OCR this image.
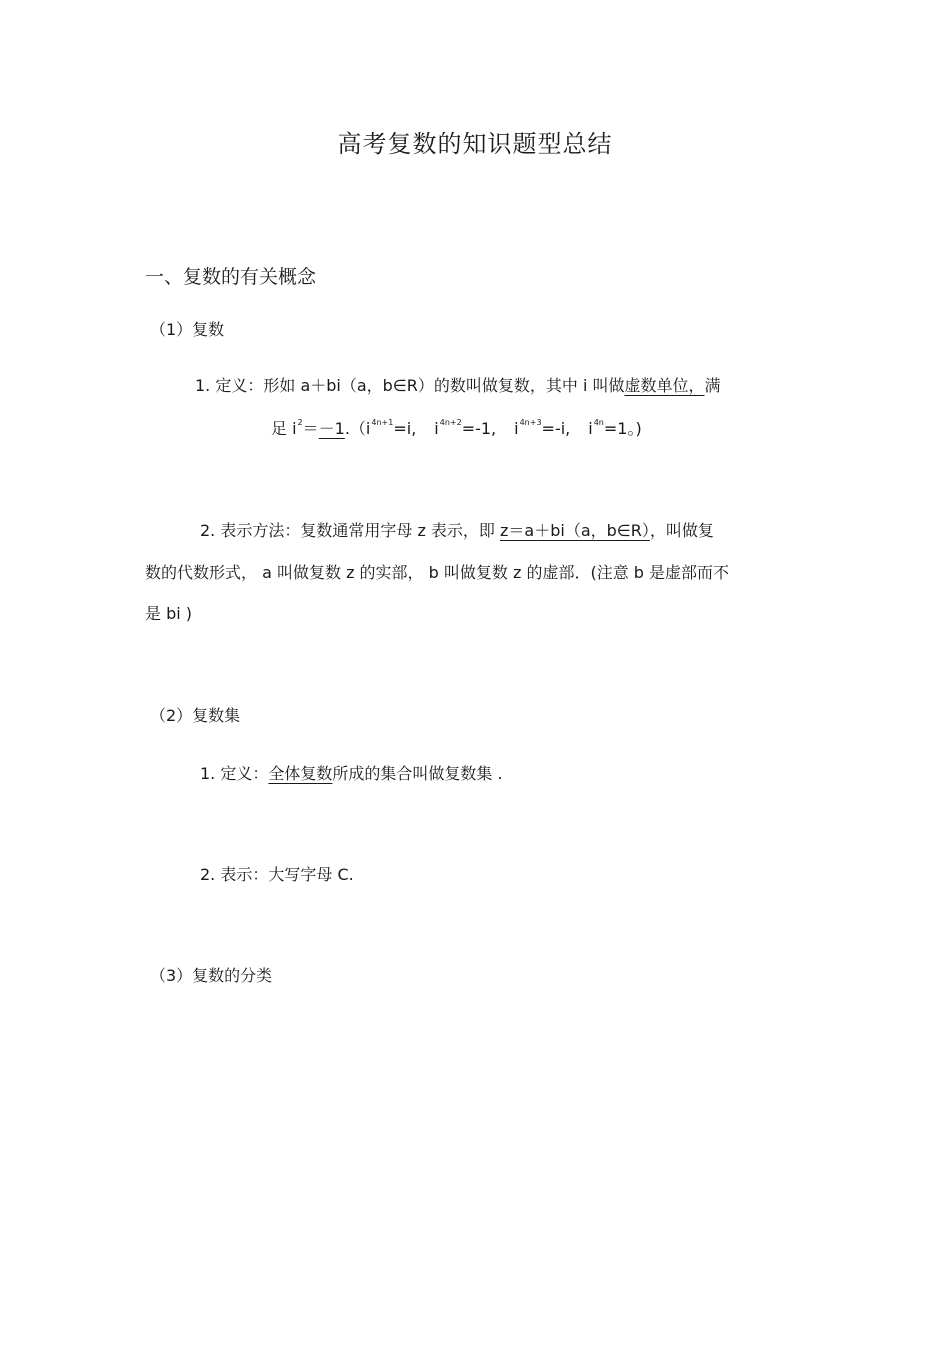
高考复数的知识题型总结
一、复数的有关概念
（1）复数
1. 定义：形如 a＋bi（a，b∈R）的数叫做复数，其中 i 叫做虚数单位，满
足 $i^2=-1.(i^{4n+1}=i$, $i^{4n+2}=-1$, $i^{4n+3}=-i$, $i^{4n}=1$。)
2. 表示方法：复数通常用字母 z 表示，即 z＝a＋bi（a，b∈R），叫做复
数的代数形式， a 叫做复数 z 的实部， b 叫做复数 z 的虚部．(注意 b 是虚部而不
是 bi )
（2）复数集
1. 定义：全体复数所成的集合叫做复数集 .
2. 表示：大写字母 C.
（3）复数的分类
